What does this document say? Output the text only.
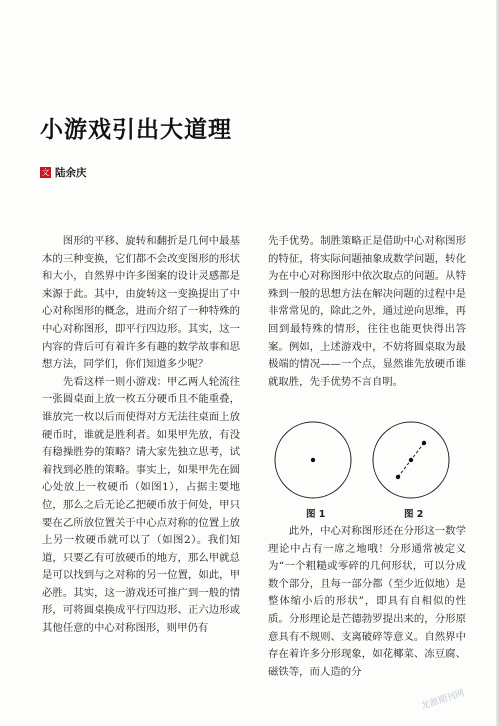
小游戏引出大道理
文 陆余庆

图形的平移、旋转和翻折是几何中最基本的三种变换，它们都不会改变图形的形状和大小，自然界中许多图案的设计灵感都是来源于此。其中，由旋转这一变换提出了中心对称图形的概念，进而介绍了一种特殊的中心对称图形，即平行四边形。其实，这一内容的背后可有着许多有趣的数学故事和思想方法，同学们，你们知道多少呢？

先看这样一则小游戏：甲乙两人轮流往一张圆桌面上放一枚五分硬币且不能重叠，谁放完一枚以后而使得对方无法往桌面上放硬币时，谁就是胜利者。如果甲先放，有没有稳操胜券的策略？请大家先独立思考，试着找到必胜的策略。事实上，如果甲先在圆心处放上一枚硬币（如图1），占据主要地位，那么之后无论乙把硬币放于何处，甲只要在乙所放位置关于中心点对称的位置上放上另一枚硬币就可以了（如图2）。我们知道，只要乙有可放硬币的地方，那么甲就总是可以找到与之对称的另一位置，如此，甲必胜。其实，这一游戏还可推广到一般的情形，可将圆桌换成平行四边形、正六边形或其他任意的中心对称图形，则甲仍有

先手优势。制胜策略正是借助中心对称图形的特征，将实际问题抽象成数学问题，转化为在中心对称图形中依次取点的问题。从特殊到一般的思想方法在解决问题的过程中是非常常见的，除此之外，通过逆向思维，再回到最特殊的情形，往往也能更快得出答案。例如，上述游戏中，不妨将圆桌取为最极端的情况——一个点，显然谁先放硬币谁就取胜，先手优势不言自明。

图 1	图 2

此外，中心对称图形还在分形这一数学理论中占有一席之地哦！分形通常被定义为“一个粗糙或零碎的几何形状，可以分成数个部分，且每一部分都（至少近似地）是整体缩小后的形状”，即具有自相似的性质。分形理论是芒德勃罗提出来的，分形原意具有不规则、支离破碎等意义。自然界中存在着许多分形现象，如花椰菜、冻豆腐、磁铁等，而人造的分

龙源期刊网
